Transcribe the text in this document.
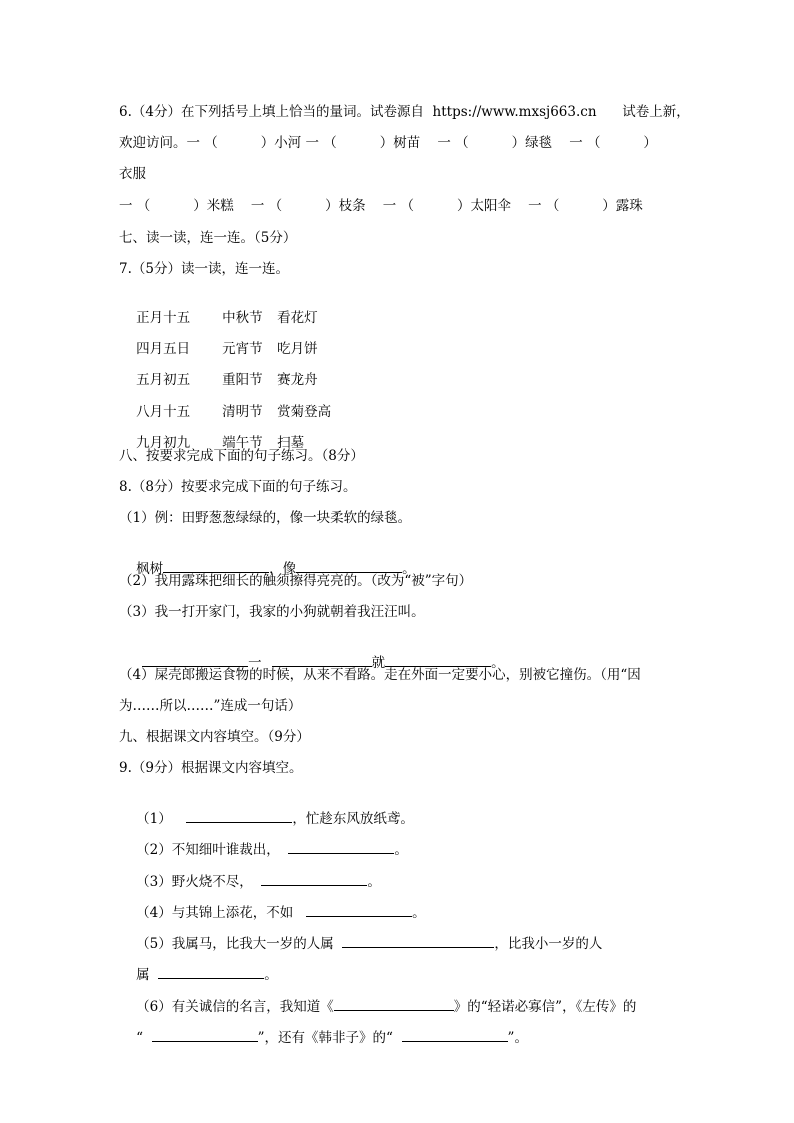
6.（4分）在下列括号上填上恰当的量词。试卷源自  https://www.mxsj663.cn      试卷上新，
欢迎访问。一 （          ）小河 一 （          ）树苗    一 （          ）绿毯    一 （          ）
衣服
一 （          ）米糕    一 （          ）枝条    一 （          ）太阳伞    一 （          ）露珠
七、读一读，连一连。（5分）
7.（5分）读一读，连一连。

正月十五 中秋节 看花灯

四月五日 元宵节 吃月饼

五月初五 重阳节 赛龙舟

八月十五 清明节 赏菊登高

九月初九 端午节 扫墓

八、按要求完成下面的句子练习。（8分）
8.（8分）按要求完成下面的句子练习。
（1）例：田野葱葱绿绿的，像一块柔软的绿毯。

枫树	，像	。

（2）我用露珠把细长的触须擦得亮亮的。（改为“被”字句）
（3）我一打开家门，我家的小狗就朝着我汪汪叫。

一	就	。

（4）屎壳郎搬运食物的时候，从来不看路。走在外面一定要小心，别被它撞伤。（用“因
为……所以……”连成一句话）
九、根据课文内容填空。（9分）
9.（9分）根据课文内容填空。

（1）	，忙趁东风放纸鸢。

（2）不知细叶谁裁出，	。

（3）野火烧不尽，	。

（4）与其锦上添花，不如	。

（5）我属马，比我大一岁的人属	，比我小一岁的人

属	。

（6）有关诚信的名言，我知道《	》的“轻诺必寡信”，《左传》的

“	”，还有《韩非子》的“	”。
